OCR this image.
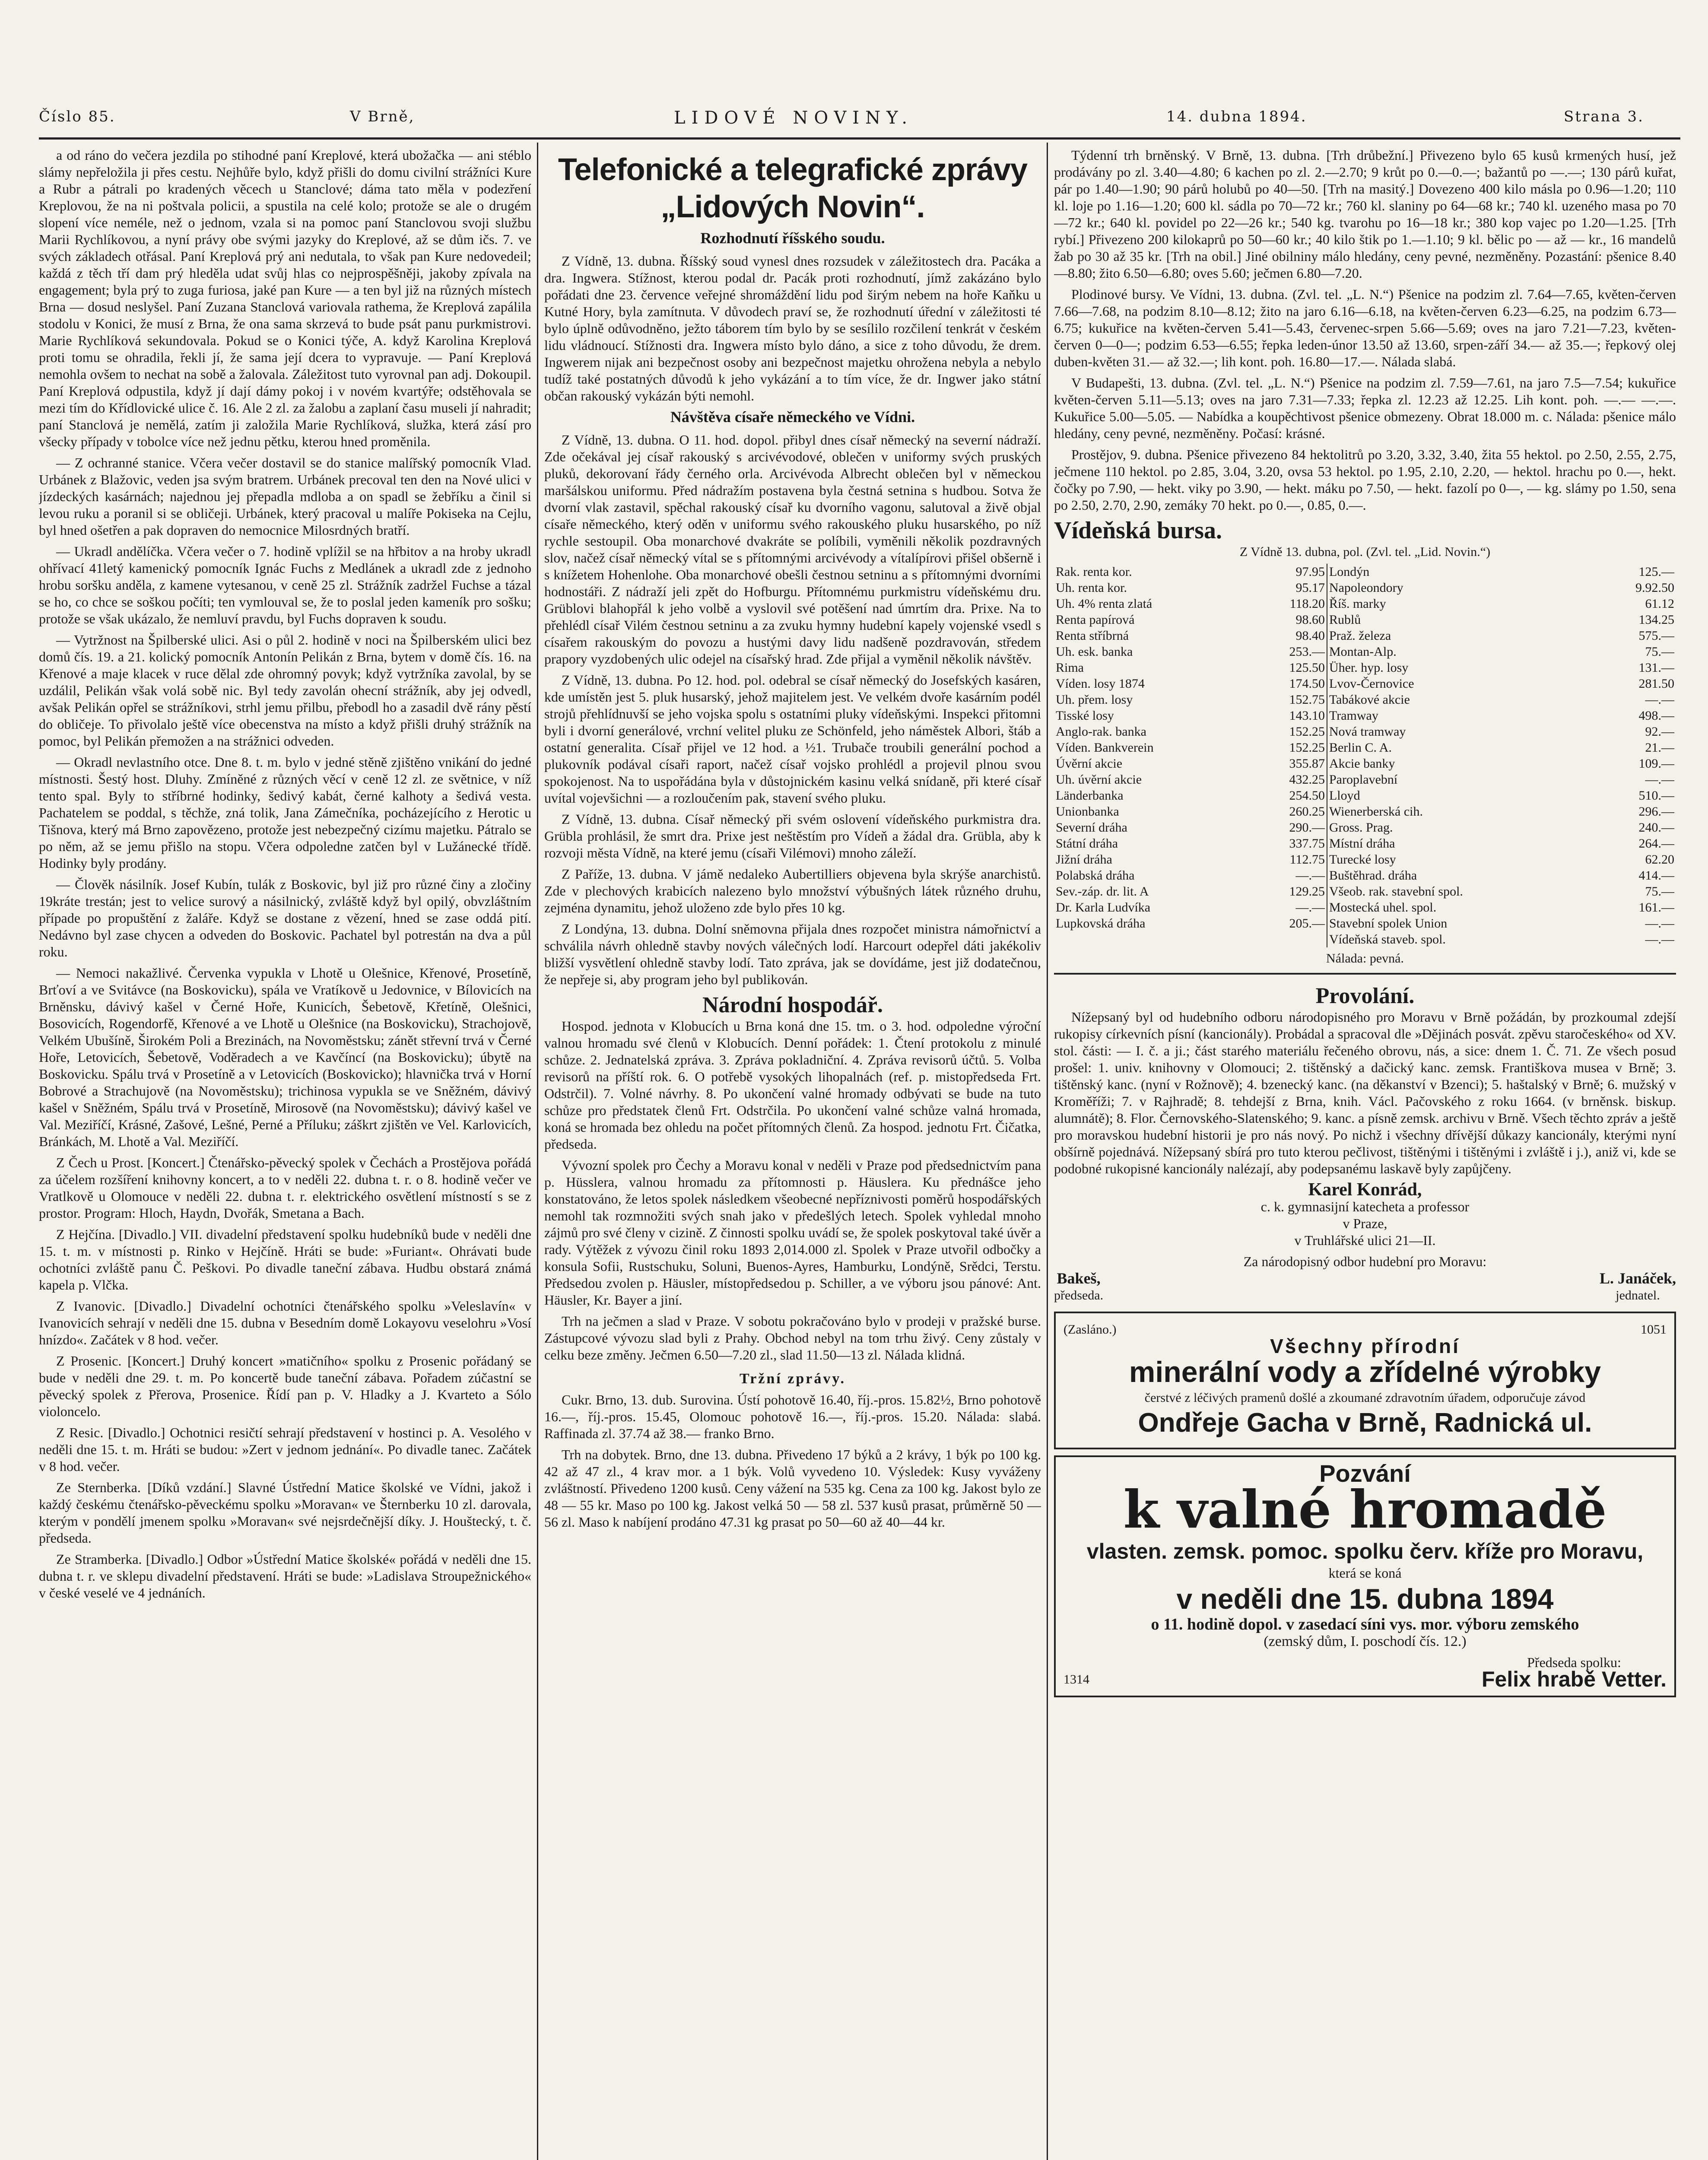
Číslo 85.	V Brně,	LIDOVÉ NOVINY.	14. dubna 1894.	Strana 3.

a od ráno do večera jezdila po stihodné paní Kreplové, která ubožačka — ani stéblo slámy nepřeložila ji přes cestu. Nejhůře bylo, když přišli do domu civilní strážníci Kure a Rubr a pátrali po kradených věcech u Stanclové; dáma tato měla v podezření Kreplovou, že na ni poštvala policii, a spustila na celé kolo; protože se ale o drugém slopení více neméle, než o jednom, vzala si na pomoc paní Stanclovou svoji službu Marii Rychlíkovou, a nyní právy obe svými jazyky do Kreplové, až se dům ičs. 7. ve svých základech otřásal. Paní Kreplová prý ani nedutala, to však pan Kure nedovedeil; každá z těch tří dam prý hleděla udat svůj hlas co nejprospěšněji, jakoby zpívala na engagement; byla prý to zuga furiosa, jaké pan Kure — a ten byl již na různých místech Brna — dosud neslyšel. Paní Zuzana Stanclová variovala rathema, že Kreplová zapálila stodolu v Konici, že musí z Brna, že ona sama skrzevá to bude psát panu purkmistrovi. Marie Rychlíková sekundovala. Pokud se o Konici týče, A. když Karolina Kreplová proti tomu se ohradila, řekli jí, že sama její dcera to vypravuje. — Paní Kreplová nemohla ovšem to nechat na sobě a žalovala. Záležitost tuto vyrovnal pan adj. Dokoupil. Paní Kreplová odpustila, když jí dají dámy pokoj i v novém kvartýře; odstěhovala se mezi tím do Křídlovické ulice č. 16. Ale 2 zl. za žalobu a zaplaní času museli jí nahradit; paní Stanclová je nemělá, zatím ji založila Marie Rychlíková, služka, která zásí pro všecky případy v tobolce více než jednu pětku, kterou hned proměnila.

— Z ochranné stanice. Včera večer dostavil se do stanice malířský pomocník Vlad. Urbánek z Blažovic, veden jsa svým bratrem. Urbánek precoval ten den na Nové ulici v jízdeckých kasárnách; najednou jej přepadla mdloba a on spadl se žebříku a činil si levou ruku a poranil si se obličeji. Urbánek, který pracoval u malíře Pokiseka na Cejlu, byl hned ošetřen a pak dopraven do nemocnice Milosrdných bratří.

— Ukradl andělíčka. Včera večer o 7. hodině vplížil se na hřbitov a na hroby ukradl ohřívací 41letý kamenický pomocník Ignác Fuchs z Medlánek a ukradl zde z jednoho hrobu soršku anděla, z kamene vytesanou, v ceně 25 zl. Strážník zadržel Fuchse a tázal se ho, co chce se soškou počíti; ten vymlouval se, že to poslal jeden kameník pro sošku; protože se však ukázalo, že nemluví pravdu, byl Fuchs dopraven k soudu.

— Vytržnost na Špilberské ulici. Asi o půl 2. hodině v noci na Špilberském ulici bez domů čís. 19. a 21. kolický pomocník Antonín Pelikán z Brna, bytem v domě čís. 16. na Křenové a maje klacek v ruce dělal zde ohromný povyk; když vytržníka zavolal, by se uzdálil, Pelikán však volá sobě nic. Byl tedy zavolán ohecní strážník, aby jej odvedl, avšak Pelikán opřel se strážníkovi, strhl jemu přilbu, přebodl ho a zasadil dvě rány pěstí do obličeje. To přivolalo ještě více obecenstva na místo a když přišli druhý strážník na pomoc, byl Pelikán přemožen a na strážnici odveden.

— Okradl nevlastního otce. Dne 8. t. m. bylo v jedné stěně zjištěno vnikání do jedné místnosti. Šestý host. Dluhy. Zmíněné z různých věcí v ceně 12 zl. ze světnice, v níž tento spal. Byly to stříbrné hodinky, šedivý kabát, černé kalhoty a šedivá vesta. Pachatelem se poddal, s těchže, zná tolik, Jana Zámečníka, pocházejícího z Herotic u Tišnova, který má Brno zapovězeno, protože jest nebezpečný cizímu majetku. Pátralo se po něm, až se jemu přišlo na stopu. Včera odpoledne zatčen byl v Lužánecké třídě. Hodinky byly prodány.

— Člověk násilník. Josef Kubín, tulák z Boskovic, byl již pro různé činy a zločiny 19kráte trestán; jest to velice surový a násilnický, zvláště když byl opilý, obvzláštním případe po propuštění z žaláře. Když se dostane z vězení, hned se zase oddá pití. Nedávno byl zase chycen a odveden do Boskovic. Pachatel byl potrestán na dva a půl roku.

— Nemoci nakažlivé. Červenka vypukla v Lhotě u Olešnice, Křenové, Prosetíně, Brťoví a ve Svitávce (na Boskovicku), spála ve Vratíkově u Jedovnice, v Bílovicích na Brněnsku, dávivý kašel v Černé Hoře, Kunicích, Šebetově, Křetíně, Olešnici, Bosovicích, Rogendorfě, Křenové a ve Lhotě u Olešnice (na Boskovicku), Strachojově, Velkém Ubušíně, Širokém Poli a Brezinách, na Novoměstsku; zánět střevní trvá v Černé Hoře, Letovicích, Šebetově, Voděradech a ve Kavčíncí (na Boskovicku); úbytě na Boskovicku. Spálu trvá v Prosetíně a v Letovicích (Boskovicko); hlavnička trvá v Horní Bobrové a Strachujově (na Novoměstsku); trichinosa vypukla se ve Sněžném, dávivý kašel v Sněžném, Spálu trvá v Prosetíně, Mirosově (na Novoměstsku); dávivý kašel ve Val. Meziříčí, Krásné, Zašové, Lešné, Perné a Příluku; záškrt zjištěn ve Vel. Karlovicích, Bránkách, M. Lhotě a Val. Meziříčí.

Z Čech u Prost. [Koncert.] Čtenářsko-pěvecký spolek v Čechách a Prostějova pořádá za účelem rozšíření knihovny koncert, a to v neděli 22. dubna t. r. o 8. hodině večer ve Vratlkově u Olomouce v neděli 22. dubna t. r. elektrického osvětlení místností s se z prostor. Program: Hloch, Haydn, Dvořák, Smetana a Bach.

Z Hejčína. [Divadlo.] VII. divadelní představení spolku hudebníků bude v neděli dne 15. t. m. v místnosti p. Rinko v Hejčíně. Hráti se bude: »Furiant«. Ohrávati bude ochotníci zvláště panu Č. Peškovi. Po divadle taneční zábava. Hudbu obstará známá kapela p. Vlčka.

Z Ivanovic. [Divadlo.] Divadelní ochotníci čtenářského spolku »Veleslavín« v Ivanovicích sehrají v neděli dne 15. dubna v Besedním domě Lokayovu veselohru »Vosí hnízdo«. Začátek v 8 hod. večer.

Z Prosenic. [Koncert.] Druhý koncert »matičního« spolku z Prosenic pořádaný se bude v neděli dne 29. t. m. Po koncertě bude taneční zábava. Pořadem zúčastní se pěvecký spolek z Přerova, Prosenice. Řídí pan p. V. Hladky a J. Kvarteto a Sólo violoncelo.

Z Resic. [Divadlo.] Ochotnici resičtí sehrají představení v hostinci p. A. Vesolého v neděli dne 15. t. m. Hráti se budou: »Zert v jednom jednání«. Po divadle tanec. Začátek v 8 hod. večer.

Ze Sternberka. [Díků vzdání.] Slavné Ústřední Matice školské ve Vídni, jakož i každý českému čtenářsko-pěveckému spolku »Moravan« ve Šternberku 10 zl. darovala, kterým v pondělí jmenem spolku »Moravan« své nejsrdečnější díky. J. Houštecký, t. č. předseda.

Ze Stramberka. [Divadlo.] Odbor »Ústřední Matice školské« pořádá v neděli dne 15. dubna t. r. ve sklepu divadelní představení. Hráti se bude: »Ladislava Stroupežnického« v české veselé ve 4 jednáních.

Telefonické a telegrafické zprávy „Lidových Novin“.
Rozhodnutí říšského soudu.

Z Vídně, 13. dubna. Říšský soud vynesl dnes rozsudek v záležitostech dra. Pacáka a dra. Ingwera. Stížnost, kterou podal dr. Pacák proti rozhodnutí, jímž zakázáno bylo pořádati dne 23. července veřejné shromáždění lidu pod širým nebem na hoře Kaňku u Kutné Hory, byla zamítnuta. V důvodech praví se, že rozhodnutí úřední v záležitosti té bylo úplně odůvodněno, ježto táborem tím bylo by se sesílilo rozčilení tenkrát v českém lidu vládnoucí. Stížnosti dra. Ingwera místo bylo dáno, a sice z toho důvodu, že drem. Ingwerem nijak ani bezpečnost osoby ani bezpečnost majetku ohrožena nebyla a nebylo tudíž také postatných důvodů k jeho vykázání a to tím více, že dr. Ingwer jako státní občan rakouský vykázán býti nemohl.

Návštěva císaře německého ve Vídni.

Z Vídně, 13. dubna. O 11. hod. dopol. přibyl dnes císař německý na severní nádraží. Zde očekával jej císař rakouský s arcivévodové, oblečen v uniformy svých pruských pluků, dekorovaní řády černého orla. Arcivévoda Albrecht oblečen byl v německou maršálskou uniformu. Před nádražím postavena byla čestná setnina s hudbou. Sotva že dvorní vlak zastavil, spěchal rakouský císař ku dvorního vagonu, salutoval a živě objal císaře německého, který oděn v uniformu svého rakouského pluku husarského, po níž rychle sestoupil. Oba monarchové dvakráte se políbili, vyměnili několik pozdravných slov, načež císař německý vítal se s přítomnými arcivévody a vítalípírovi přišel obšerně i s knížetem Hohenlohe. Oba monarchové obešli čestnou setninu a s přítomnými dvorními hodnostáři. Z nádraží jeli zpět do Hofburgu. Přítomnému purkmistru vídeňskému dru. Grüblovi blahopřál k jeho volbě a vyslovil své potěšení nad úmrtím dra. Prixe. Na to přehlédl císař Vilém čestnou setninu a za zvuku hymny hudební kapely vojenské vsedl s císařem rakouským do povozu a hustými davy lidu nadšeně pozdravován, středem prapory vyzdobených ulic odejel na císařský hrad. Zde přijal a vyměnil několik návštěv.

Z Vídně, 13. dubna. Po 12. hod. pol. odebral se císař německý do Josefských kasáren, kde umístěn jest 5. pluk husarský, jehož majitelem jest. Ve velkém dvoře kasárním podél strojů přehlídnuvší se jeho vojska spolu s ostatními pluky vídeňskými. Inspekci přitomni byli i dvorní generálové, vrchní velitel pluku ze Schönfeld, jeho náměstek Albori, štáb a ostatní generalita. Císař přijel ve 12 hod. a ½1. Trubače troubili generální pochod a plukovník podával císaři raport, načež císař vojsko prohlédl a projevil plnou svou spokojenost. Na to uspořádána byla v důstojnickém kasinu velká snídaně, při které císař uvítal vojevšichni — a rozloučením pak, stavení svého pluku.

Z Vídně, 13. dubna. Císař německý při svém oslovení vídeňského purkmistra dra. Grübla prohlásil, že smrt dra. Prixe jest neštěstím pro Vídeň a žádal dra. Grübla, aby k rozvoji města Vídně, na které jemu (císaři Vilémovi) mnoho záleží.

Z Paříže, 13. dubna. V jámě nedaleko Aubertilliers objevena byla skrýše anarchistů. Zde v plechových krabicích nalezeno bylo množství výbušných látek různého druhu, zejména dynamitu, jehož uloženo zde bylo přes 10 kg.

Z Londýna, 13. dubna. Dolní sněmovna přijala dnes rozpočet ministra námořnictví a schválila návrh ohledně stavby nových válečných lodí. Harcourt odepřel dáti jakékoliv bližší vysvětlení ohledně stavby lodí. Tato zpráva, jak se dovídáme, jest již dodatečnou, že nepřeje si, aby program jeho byl publikován.

Národní hospodář.

Hospod. jednota v Klobucích u Brna koná dne 15. tm. o 3. hod. odpoledne výroční valnou hromadu své členů v Klobucích. Denní pořádek: 1. Čtení protokolu z minulé schůze. 2. Jednatelská zpráva. 3. Zpráva pokladniční. 4. Zpráva revisorů účtů. 5. Volba revisorů na příští rok. 6. O potřebě vysokých lihopalnách (ref. p. mistopředseda Frt. Odstrčil). 7. Volné návrhy. 8. Po ukončení valné hromady odbývati se bude na tuto schůze pro předstatek členů Frt. Odstrčila. Po ukončení valné schůze valná hromada, koná se hromada bez ohledu na počet přítomných členů. Za hospod. jednotu Frt. Čičatka, předseda.

Vývozní spolek pro Čechy a Moravu konal v neděli v Praze pod předsednictvím pana p. Hüsslera, valnou hromadu za přítomnosti p. Häuslera. Ku přednášce jeho konstatováno, že letos spolek následkem všeobecné nepříznivosti poměrů hospodářských nemohl tak rozmnožiti svých snah jako v předešlých letech. Spolek vyhledal mnoho zájmů pro své členy v cizině. Z činnosti spolku uvádí se, že spolek poskytoval také úvěr a rady. Výtěžek z vývozu činil roku 1893 2,014.000 zl. Spolek v Praze utvořil odbočky a konsula Sofii, Rustschuku, Soluni, Buenos-Ayres, Hamburku, Londýně, Srědci, Terstu. Předsedou zvolen p. Häusler, místopředsedou p. Schiller, a ve výboru jsou pánové: Ant. Häusler, Kr. Bayer a jiní.

Trh na ječmen a slad v Praze. V sobotu pokračováno bylo v prodeji v pražské burse. Zástupcové vývozu slad byli z Prahy. Obchod nebyl na tom trhu živý. Ceny zůstaly v celku beze změny. Ječmen 6.50—7.20 zl., slad 11.50—13 zl. Nálada klidná.

Tržní zprávy.

Cukr. Brno, 13. dub. Surovina. Ústí pohotově 16.40, říj.-pros. 15.82½, Brno pohotově 16.—, říj.-pros. 15.45, Olomouc pohotově 16.—, říj.-pros. 15.20. Nálada: slabá. Raffinada zl. 37.74 až 38.— franko Brno.

Trh na dobytek. Brno, dne 13. dubna. Přivedeno 17 býků a 2 krávy, 1 býk po 100 kg. 42 až 47 zl., 4 krav mor. a 1 býk. Volů vyvedeno 10. Výsledek: Kusy vyváženy zvláštností. Přivedeno 1200 kusů. Ceny vážení na 535 kg. Cena za 100 kg. Jakost bylo ze 48 — 55 kr. Maso po 100 kg. Jakost velká 50 — 58 zl. 537 kusů prasat, průměrně 50 — 56 zl. Maso k nabíjení prodáno 47.31 kg prasat po 50—60 až 40—44 kr.

Týdenní trh brněnský. V Brně, 13. dubna. [Trh drůbežní.] Přivezeno bylo 65 kusů krmených husí, jež prodávány po zl. 3.40—4.80; 6 kachen po zl. 2.—2.70; 9 krůt po 0.—0.—; bažantů po —.—; 130 párů kuřat, pár po 1.40—1.90; 90 párů holubů po 40—50. [Trh na masitý.] Dovezeno 400 kilo másla po 0.96—1.20; 110 kl. loje po 1.16—1.20; 600 kl. sádla po 70—72 kr.; 760 kl. slaniny po 64—68 kr.; 740 kl. uzeného masa po 70—72 kr.; 640 kl. povidel po 22—26 kr.; 540 kg. tvarohu po 16—18 kr.; 380 kop vajec po 1.20—1.25. [Trh rybí.] Přivezeno 200 kilokaprů po 50—60 kr.; 40 kilo štik po 1.—1.10; 9 kl. bělic po — až — kr., 16 mandelů žab po 30 až 35 kr. [Trh na obil.] Jiné obilniny málo hledány, ceny pevné, nezměněny. Pozastání: pšenice 8.40—8.80; žito 6.50—6.80; oves 5.60; ječmen 6.80—7.20.

Plodinové bursy. Ve Vídni, 13. dubna. (Zvl. tel. „L. N.“) Pšenice na podzim zl. 7.64—7.65, květen-červen 7.66—7.68, na podzim 8.10—8.12; žito na jaro 6.16—6.18, na květen-červen 6.23—6.25, na podzim 6.73—6.75; kukuřice na květen-červen 5.41—5.43, červenec-srpen 5.66—5.69; oves na jaro 7.21—7.23, květen-červen 0—0—; podzim 6.53—6.55; řepka leden-únor 13.50 až 13.60, srpen-září 34.— až 35.—; řepkový olej duben-květen 31.— až 32.—; lih kont. poh. 16.80—17.—. Nálada slabá.

V Budapešti, 13. dubna. (Zvl. tel. „L. N.“) Pšenice na podzim zl. 7.59—7.61, na jaro 7.5—7.54; kukuřice květen-červen 5.11—5.13; oves na jaro 7.31—7.33; řepka zl. 12.23 až 12.25. Lih kont. poh. —.— —.—. Kukuřice 5.00—5.05. — Nabídka a koupěchtivost pšenice obmezeny. Obrat 18.000 m. c. Nálada: pšenice málo hledány, ceny pevné, nezměněny. Počasí: krásné.

Prostějov, 9. dubna. Pšenice přivezeno 84 hektolitrů po 3.20, 3.32, 3.40, žita 55 hektol. po 2.50, 2.55, 2.75, ječmene 110 hektol. po 2.85, 3.04, 3.20, ovsa 53 hektol. po 1.95, 2.10, 2.20, — hektol. hrachu po 0.—, hekt. čočky po 7.90, — hekt. viky po 3.90, — hekt. máku po 7.50, — hekt. fazolí po 0—, — kg. slámy po 1.50, sena po 2.50, 2.70, 2.90, zemáky 70 hekt. po 0.—, 0.85, 0.—.

Vídeňská bursa.
Z Vídně 13. dubna, pol. (Zvl. tel. „Lid. Novin.“)
Rak. renta kor.	97.95	Londýn	125.—
Uh. renta kor.	95.17	Napoleondory	9.92.50
Uh. 4% renta zlatá	118.20	Říš. marky	61.12
Renta papírová	98.60	Rublů	134.25
Renta stříbrná	98.40	Praž. železa	575.—
Uh. esk. banka	253.—	Montan-Alp.	75.—
Rima	125.50	Üher. hyp. losy	131.—
Víden. losy 1874	174.50	Lvov-Černovice	281.50
Uh. přem. losy	152.75	Tabákové akcie	—.—
Tisské losy	143.10	Tramway	498.—
Anglo-rak. banka	152.25	Nová tramway	92.—
Víden. Bankverein	152.25	Berlin C. A.	21.—
Úvěrní akcie	355.87	Akcie banky	109.—
Uh. úvěrní akcie	432.25	Paroplavební	—.—
Länderbanka	254.50	Lloyd	510.—
Unionbanka	260.25	Wienerberská cih.	296.—
Severní dráha	290.—	Gross. Prag.	240.—
Státní dráha	337.75	Místní dráha	264.—
Jižní dráha	112.75	Turecké losy	62.20
Polabská dráha	—.—	Buštěhrad. dráha	414.—
Sev.-záp. dr. lit. A	129.25	Všeob. rak. stavební spol.	75.—
Dr. Karla Ludvíka	—.—	Mostecká uhel. spol.	161.—
Lupkovská dráha	205.—	Stavební spolek Union	—.—
		Vídeňská staveb. spol.	—.—
Nálada: pevná.
Provolání.

Nížepsaný byl od hudebního odboru národopisného pro Moravu v Brně požádán, by prozkoumal zdejší rukopisy církevních písní (kancionály). Probádal a spracoval dle »Dějinách posvát. zpěvu staročeského« od XV. stol. části: — I. č. a ji.; část starého materiálu řečeného obrovu, nás, a sice: dnem 1. Č. 71. Ze všech posud prošel: 1. univ. knihovny v Olomouci; 2. tištěnský a dačický kanc. zemsk. Františkova musea v Brně; 3. tištěnský kanc. (nyní v Rožnově); 4. bzenecký kanc. (na děkanství v Bzenci); 5. haštalský v Brně; 6. mužský v Kroměříži; 7. v Rajhradě; 8. tehdejší z Brna, knih. Václ. Pačovského z roku 1664. (v brněnsk. biskup. alumnátě); 8. Flor. Černovského-Slatenského; 9. kanc. a písně zemsk. archivu v Brně. Všech těchto zpráv a ještě pro moravskou hudební historii je pro nás nový. Po nichž i všechny dřívější důkazy kancionály, kterými nyní obšírně pojednává. Nížepsaný sbírá pro tuto kterou pečlivost, tištěnými i tištěnými i zvláště i j.), aniž vi, kde se podobné rukopisné kancionály nalézají, aby podepsanému laskavě byly zapůjčeny.

Karel Konrád,
c. k. gymnasijní katecheta a professor
v Praze,
v Truhlářské ulici 21—II.
Za národopisný odbor hudební pro Moravu:
Bakeš,
předseda.
L. Janáček,
jednatel.
(Zasláno.)	1051
Všechny přírodní
minerální vody a zřídelné výrobky
čerstvé z léčivých pramenů došlé a zkoumané zdravotním úřadem, odporučuje závod
Ondřeje Gacha v Brně, Radnická ul.
Pozvání
k valné hromadě
vlasten. zemsk. pomoc. spolku červ. kříže pro Moravu,
která se koná
v neděli dne 15. dubna 1894
o 11. hodině dopol. v zasedací síni vys. mor. výboru zemského
(zemský dům, I. poschodí čís. 12.)
1314
Předseda spolku:
Felix hrabě Vetter.
